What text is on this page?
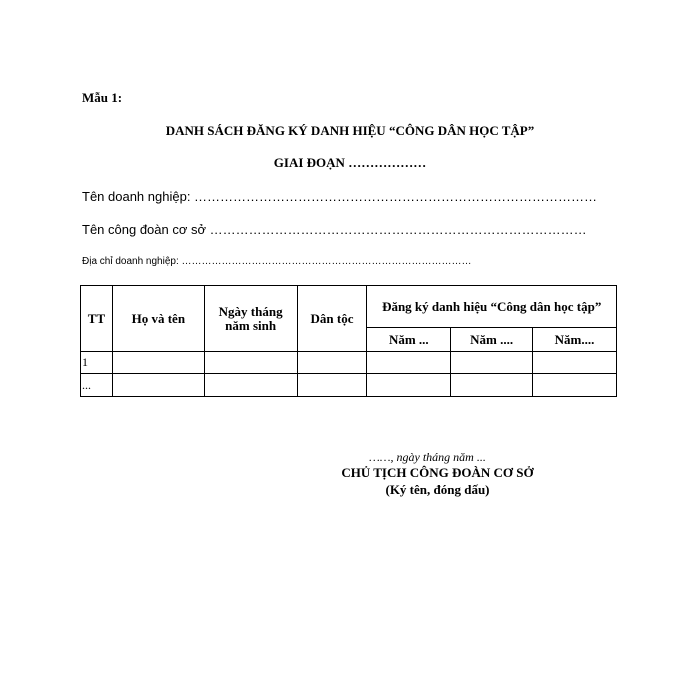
Mẫu 1:
DANH SÁCH ĐĂNG KÝ DANH HIỆU “CÔNG DÂN HỌC TẬP”
GIAI ĐOẠN ………………
Tên doanh nghiệp: …………………………………………………………………………………
Tên công đoàn cơ sở ……………………………………………………………………………
Địa chỉ doanh nghiệp: ……………………………………………………………………………
TT	Họ và tên	Ngày tháng năm sinh	Dân tộc	Đăng ký danh hiệu “Công dân học tập”		
				Năm ...	Năm ....	Năm....
1						
...						
……, ngày tháng năm ...
CHỦ TỊCH CÔNG ĐOÀN CƠ SỞ
(Ký tên, đóng dấu)
